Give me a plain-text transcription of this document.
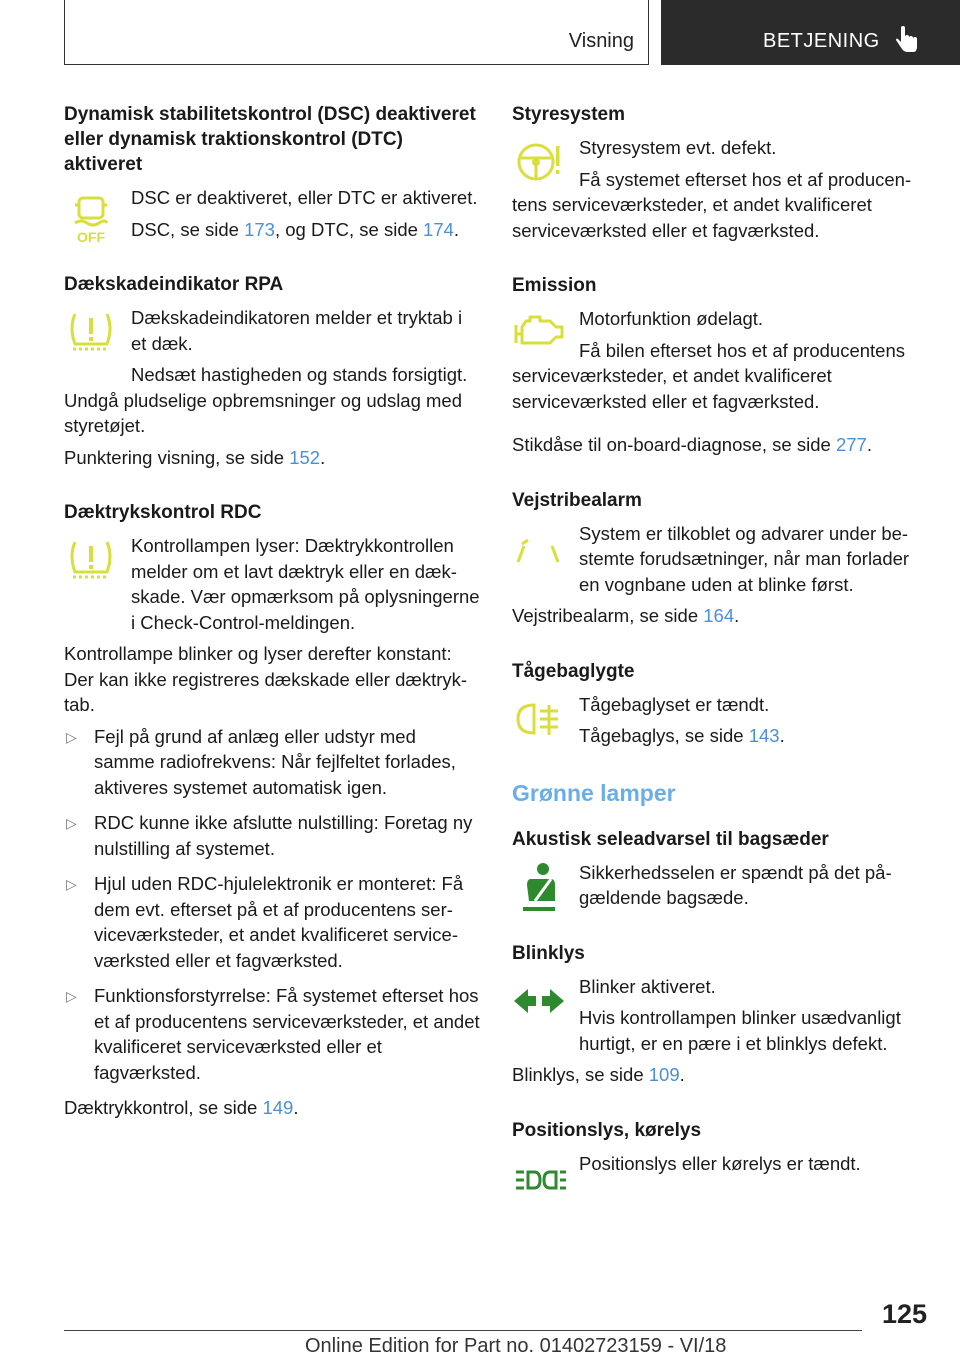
Visning	BETJENING
Dynamisk stabilitetskontrol (DSC) deaktiveret eller dynamisk traktionskontrol (DTC) aktiveret
OFF
DSC er deaktiveret, eller DTC er aktiveret.
DSC, se side 173, og DTC, se side 174.
Dækskadeindikator RPA
Dækskadeindikatoren melder et tryktab i et dæk.
Nedsæt hastigheden og stands forsigtigt. Undgå pludselige opbremsninger og udslag med styretøjet.
Punktering visning, se side 152.
Dæktrykskontrol RDC
Kontrollampen lyser: Dæktrykkontrollen melder om et lavt dæktryk eller en dækskade. Vær opmærksom på oplysningerne i Check-Control-meldingen.
Kontrollampe blinker og lyser derefter konstant: Der kan ikke registreres dækskade eller dæktryktab.
▷ Fejl på grund af anlæg eller udstyr med samme radiofrekvens: Når fejlfeltet forlades, aktiveres systemet automatisk igen.
▷ RDC kunne ikke afslutte nulstilling: Foretag ny nulstilling af systemet.
▷ Hjul uden RDC-hjulelektronik er monteret: Få dem evt. efterset på et af producentens serviceværksteder, et andet kvalificeret serviceværksted eller et fagværksted.
▷ Funktionsforstyrrelse: Få systemet efterset hos et af producentens serviceværksteder, et andet kvalificeret serviceværksted eller et fagværksted.
Dæktrykkontrol, se side 149.
Styresystem
Styresystem evt. defekt.
Få systemet efterset hos et af producentens serviceværksteder, et andet kvalificeret serviceværksted eller et fagværksted.
Emission
Motorfunktion ødelagt.
Få bilen efterset hos et af producentens serviceværksteder, et andet kvalificeret serviceværksted eller et fagværksted.
Stikdåse til on-board-diagnose, se side 277.
Vejstribealarm
System er tilkoblet og advarer under bestemte forudsætninger, når man forlader en vognbane uden at blinke først.
Vejstribealarm, se side 164.
Tågebaglygte
Tågebaglyset er tændt.
Tågebaglys, se side 143.
Grønne lamper
Akustisk seleadvarsel til bagsæder
Sikkerhedsselen er spændt på det pågældende bagsæde.
Blinklys
Blinker aktiveret.
Hvis kontrollampen blinker usædvanligt hurtigt, er en pære i et blinklys defekt.
Blinklys, se side 109.
Positionslys, kørelys
Positionslys eller kørelys er tændt.
125
Online Edition for Part no. 01402723159 - VI/18
